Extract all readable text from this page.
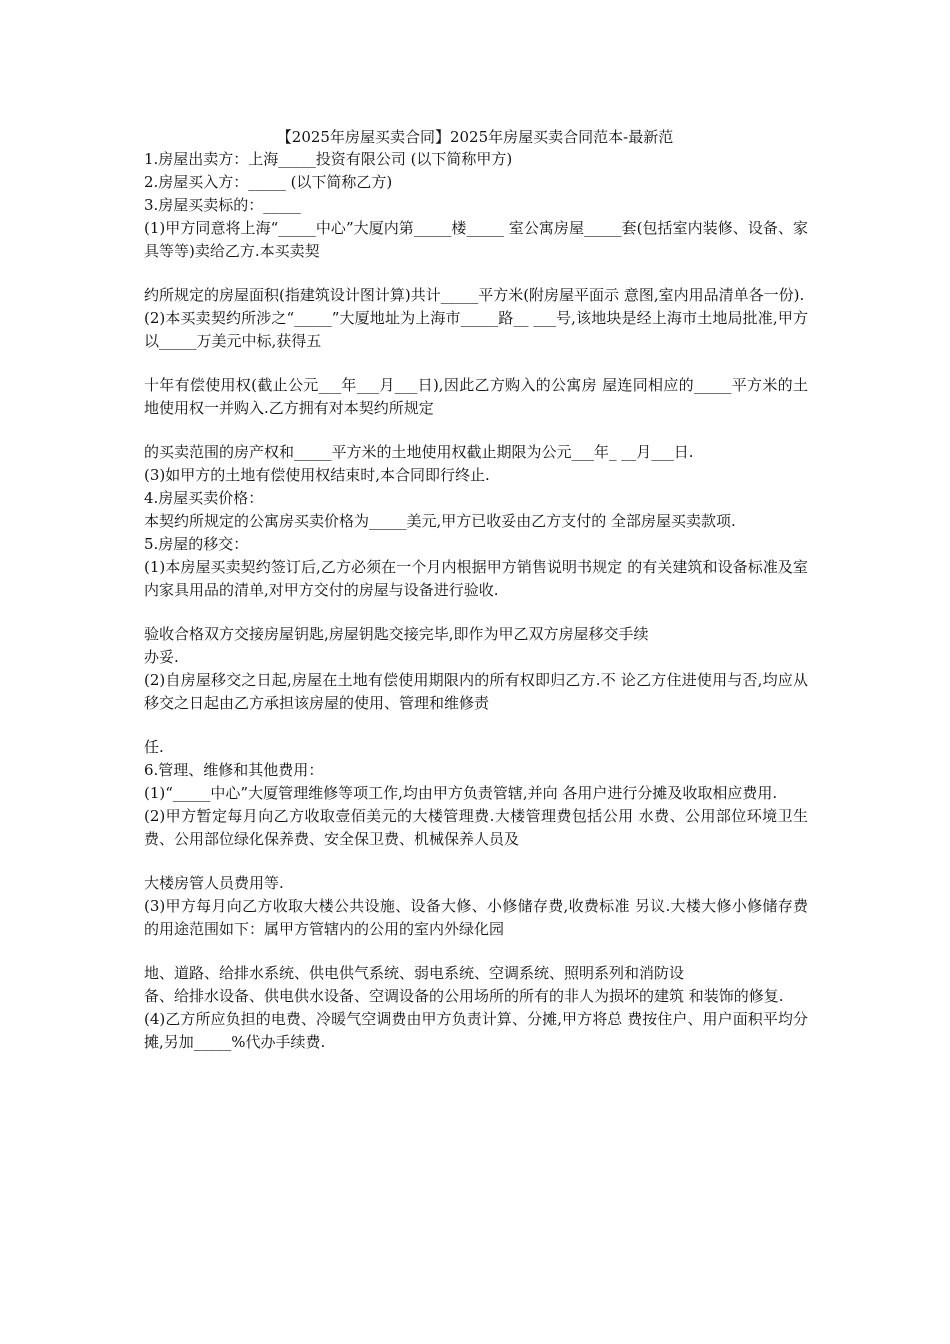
【2025年房屋买卖合同】2025年房屋买卖合同范本-最新范

1.房屋出卖方：上海_____投资有限公司 (以下简称甲方)

2.房屋买入方：_____ (以下简称乙方)

3.房屋买卖标的：_____

(1)甲方同意将上海“_____中心”大厦内第_____楼_____ 室公寓房屋_____套(包括室内装修、设备、家具等等)卖给乙方.本买卖契

约所规定的房屋面积(指建筑设计图计算)共计_____平方米(附房屋平面示 意图,室内用品清单各一份).

(2)本买卖契约所涉之“_____”大厦地址为上海市_____路__ ___号,该地块是经上海市土地局批准,甲方以_____万美元中标,获得五

十年有偿使用权(截止公元___年___月___日),因此乙方购入的公寓房 屋连同相应的_____平方米的土地使用权一并购入.乙方拥有对本契约所规定

的买卖范围的房产权和_____平方米的土地使用权截止期限为公元___年_ __月___日.

(3)如甲方的土地有偿使用权结束时,本合同即行终止.

4.房屋买卖价格：

本契约所规定的公寓房买卖价格为_____美元,甲方已收妥由乙方支付的 全部房屋买卖款项.

5.房屋的移交：

(1)本房屋买卖契约签订后,乙方必须在一个月内根据甲方销售说明书规定 的有关建筑和设备标准及室内家具用品的清单,对甲方交付的房屋与设备进行验收.

验收合格双方交接房屋钥匙,房屋钥匙交接完毕,即作为甲乙双方房屋移交手续

办妥.

(2)自房屋移交之日起,房屋在土地有偿使用期限内的所有权即归乙方.不 论乙方住进使用与否,均应从移交之日起由乙方承担该房屋的使用、管理和维修责

任.

6.管理、维修和其他费用：

(1)“_____中心”大厦管理维修等项工作,均由甲方负责管辖,并向 各用户进行分摊及收取相应费用.

(2)甲方暂定每月向乙方收取壹佰美元的大楼管理费.大楼管理费包括公用 水费、公用部位环境卫生费、公用部位绿化保养费、安全保卫费、机械保养人员及

大楼房管人员费用等.

(3)甲方每月向乙方收取大楼公共设施、设备大修、小修储存费,收费标准 另议.大楼大修小修储存费的用途范围如下：属甲方管辖内的公用的室内外绿化园

地、道路、给排水系统、供电供气系统、弱电系统、空调系统、照明系列和消防设

备、给排水设备、供电供水设备、空调设备的公用场所的所有的非人为损坏的建筑 和装饰的修复.

(4)乙方所应负担的电费、冷暖气空调费由甲方负责计算、分摊,甲方将总 费按住户、用户面积平均分摊,另加_____%代办手续费.
